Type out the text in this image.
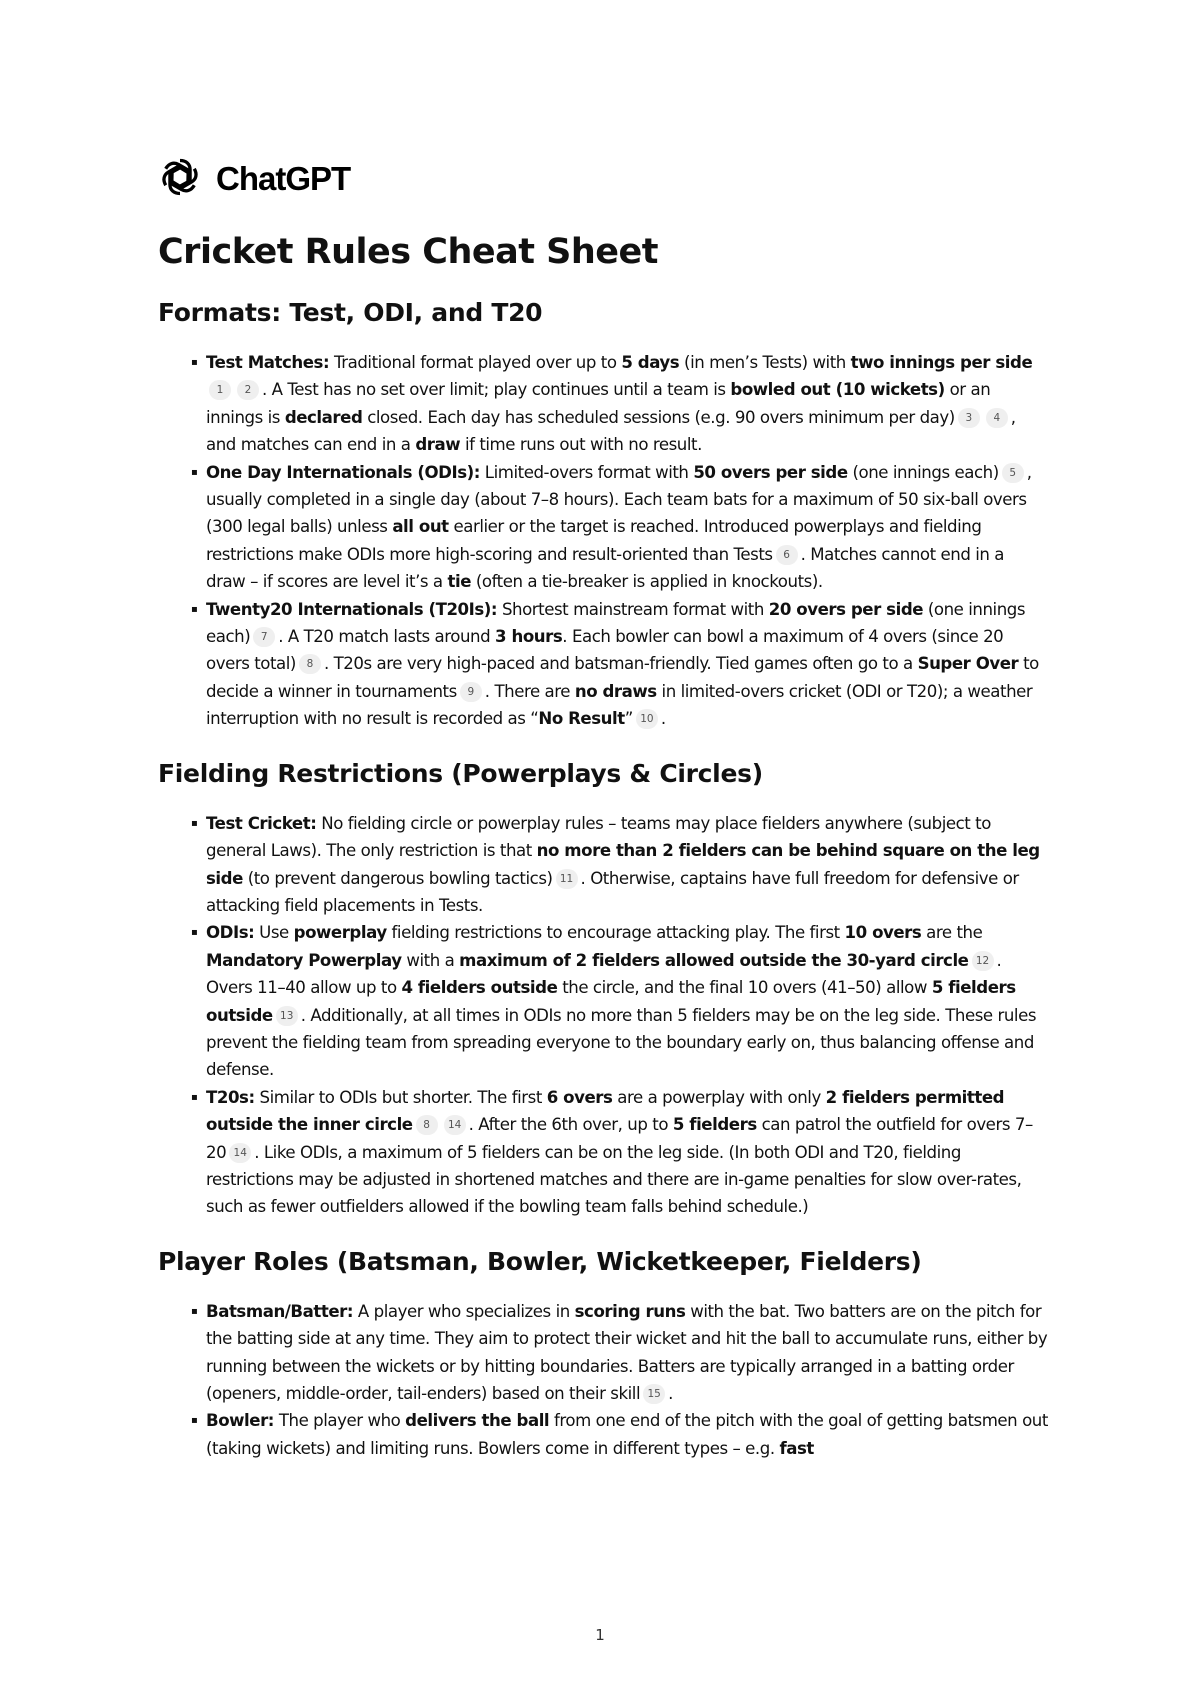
ChatGPT
Cricket Rules Cheat Sheet
Formats: Test, ODI, and T20
▪ Test Matches: Traditional format played over up to 5 days (in men’s Tests) with two innings per side1 2 . A Test has no set over limit; play continues until a team is bowled out (10 wickets) or an innings is declared closed. Each day has scheduled sessions (e.g. 90 overs minimum per day) 3 4 , and matches can end in a draw if time runs out with no result.
▪ One Day Internationals (ODIs): Limited-overs format with 50 overs per side (one innings each) 5 , usually completed in a single day (about 7–8 hours). Each team bats for a maximum of 50 six-ball overs (300 legal balls) unless all out earlier or the target is reached. Introduced powerplays and fielding restrictions make ODIs more high-scoring and result-oriented than Tests 6 . Matches cannot end in a draw – if scores are level it’s a tie (often a tie-breaker is applied in knockouts).
▪ Twenty20 Internationals (T20Is): Shortest mainstream format with 20 overs per side (one innings each) 7 . A T20 match lasts around 3 hours. Each bowler can bowl a maximum of 4 overs (since 20 overs total) 8 . T20s are very high-paced and batsman-friendly. Tied games often go to a Super Over to decide a winner in tournaments 9 . There are no draws in limited-overs cricket (ODI or T20); a weather interruption with no result is recorded as “No Result” 10 .
Fielding Restrictions (Powerplays & Circles)
▪ Test Cricket: No fielding circle or powerplay rules – teams may place fielders anywhere (subject to general Laws). The only restriction is that no more than 2 fielders can be behind square on the leg side (to prevent dangerous bowling tactics) 11 . Otherwise, captains have full freedom for defensive or attacking field placements in Tests.
▪ ODIs: Use powerplay fielding restrictions to encourage attacking play. The first 10 overs are the Mandatory Powerplay with a maximum of 2 fielders allowed outside the 30-yard circle 12 . Overs 11–40 allow up to 4 fielders outside the circle, and the final 10 overs (41–50) allow 5 fielders outside 13 . Additionally, at all times in ODIs no more than 5 fielders may be on the leg side. These rules prevent the fielding team from spreading everyone to the boundary early on, thus balancing offense and defense.
▪ T20s: Similar to ODIs but shorter. The first 6 overs are a powerplay with only 2 fielders permitted outside the inner circle 8 14 . After the 6th over, up to 5 fielders can patrol the outfield for overs 7–20 14 . Like ODIs, a maximum of 5 fielders can be on the leg side. (In both ODI and T20, fielding restrictions may be adjusted in shortened matches and there are in-game penalties for slow over-rates, such as fewer outfielders allowed if the bowling team falls behind schedule.)
Player Roles (Batsman, Bowler, Wicketkeeper, Fielders)
▪ Batsman/Batter: A player who specializes in scoring runs with the bat. Two batters are on the pitch for the batting side at any time. They aim to protect their wicket and hit the ball to accumulate runs, either by running between the wickets or by hitting boundaries. Batters are typically arranged in a batting order (openers, middle-order, tail-enders) based on their skill 15 .
▪ Bowler: The player who delivers the ball from one end of the pitch with the goal of getting batsmen out (taking wickets) and limiting runs. Bowlers come in different types – e.g. fast
1
